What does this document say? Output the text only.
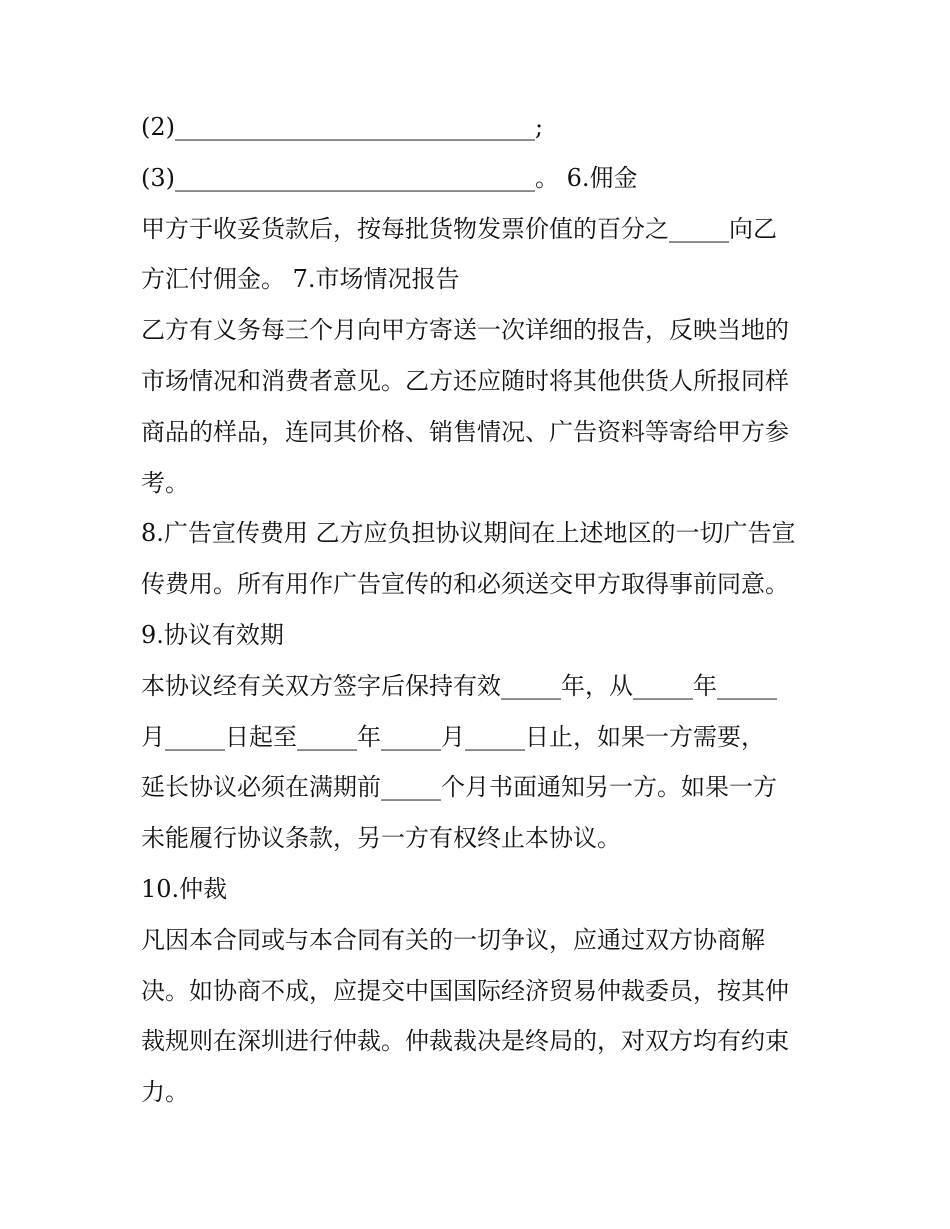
(2)______________________________;
(3)______________________________。 6.佣金
甲方于收妥货款后，按每批货物发票价值的百分之_____向乙
方汇付佣金。 7.市场情况报告
乙方有义务每三个月向甲方寄送一次详细的报告，反映当地的
市场情况和消费者意见。乙方还应随时将其他供货人所报同样
商品的样品，连同其价格、销售情况、广告资料等寄给甲方参
考。
8.广告宣传费用 乙方应负担协议期间在上述地区的一切广告宣
传费用。所有用作广告宣传的和必须送交甲方取得事前同意。
9.协议有效期
本协议经有关双方签字后保持有效_____年，从_____年_____
月_____日起至_____年_____月_____日止，如果一方需要，
延长协议必须在满期前_____个月书面通知另一方。如果一方
未能履行协议条款，另一方有权终止本协议。
10.仲裁
凡因本合同或与本合同有关的一切争议，应通过双方协商解
决。如协商不成，应提交中国国际经济贸易仲裁委员，按其仲
裁规则在深圳进行仲裁。仲裁裁决是终局的，对双方均有约束
力。
